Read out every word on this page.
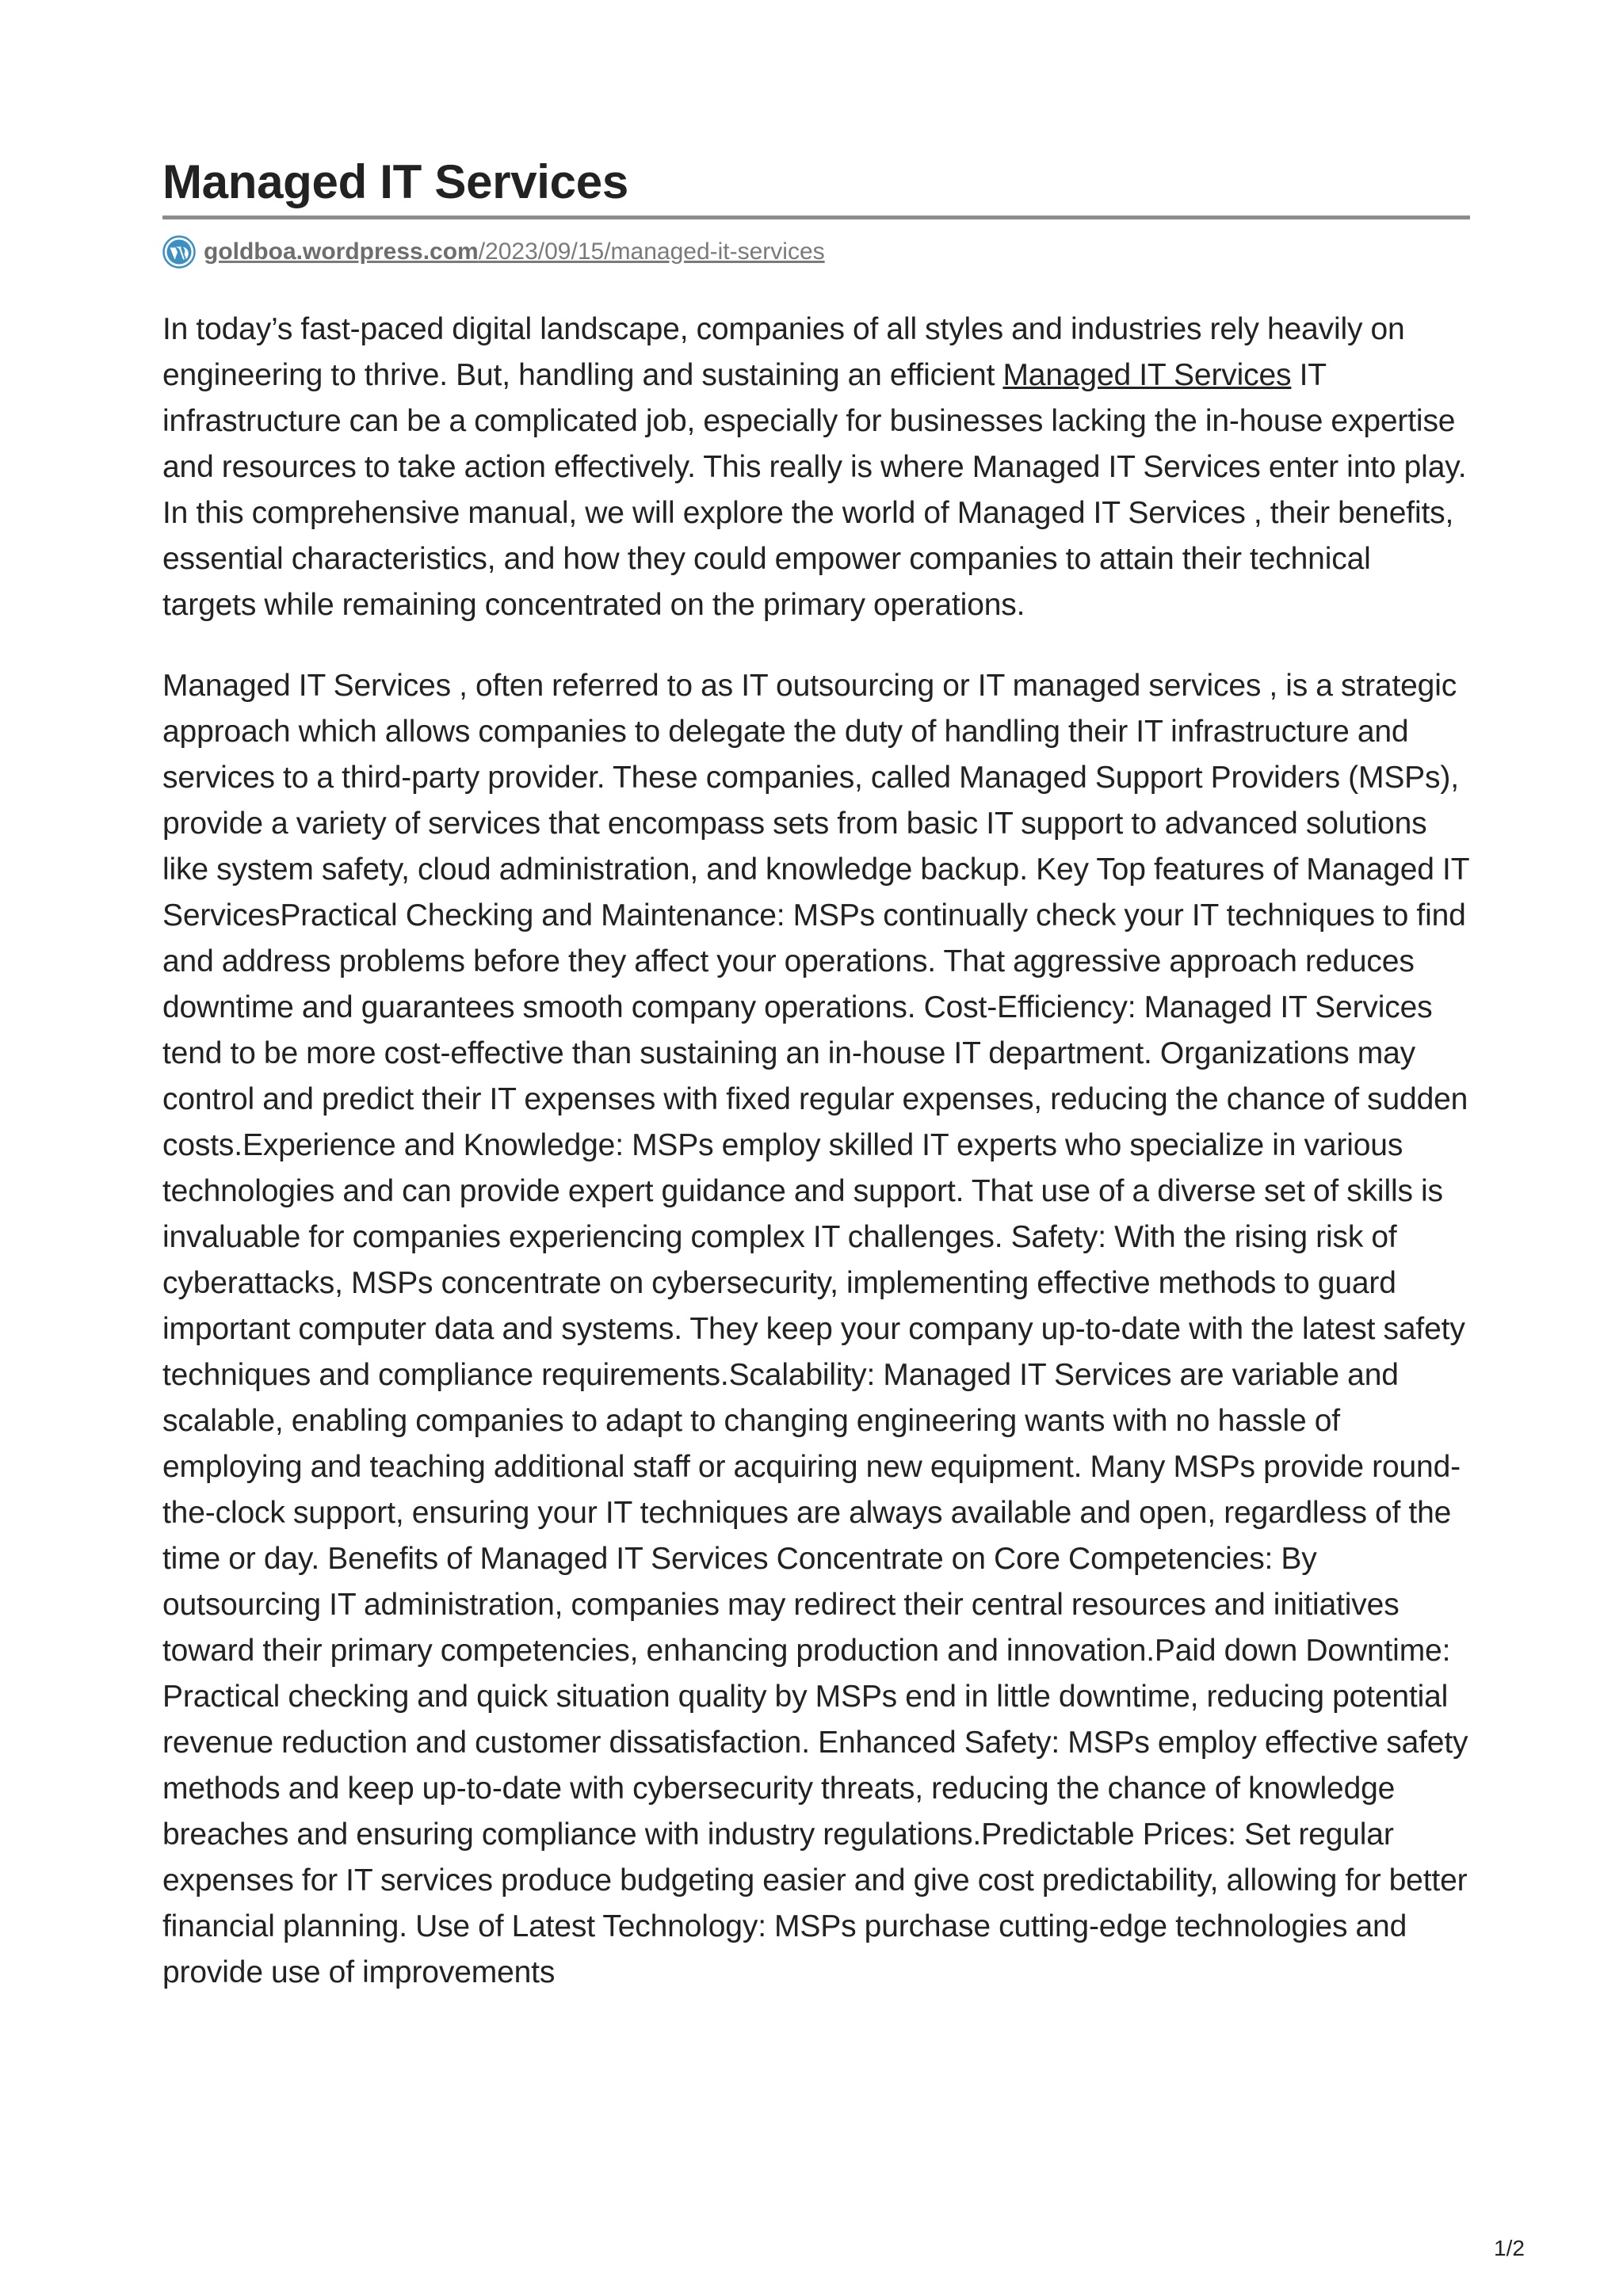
Managed IT Services
goldboa.wordpress.com/2023/09/15/managed-it-services

In today’s fast-paced digital landscape, companies of all styles and industries rely heavily on engineering to thrive. But, handling and sustaining an efficient Managed IT Services IT infrastructure can be a complicated job, especially for businesses lacking the in-house expertise and resources to take action effectively. This really is where Managed IT Services enter into play. In this comprehensive manual, we will explore the world of Managed IT Services , their benefits, essential characteristics, and how they could empower companies to attain their technical targets while remaining concentrated on the primary operations.

Managed IT Services , often referred to as IT outsourcing or IT managed services , is a strategic approach which allows companies to delegate the duty of handling their IT infrastructure and services to a third-party provider. These companies, called Managed Support Providers (MSPs), provide a variety of services that encompass sets from basic IT support to advanced solutions like system safety, cloud administration, and knowledge backup. Key Top features of Managed IT ServicesPractical Checking and Maintenance: MSPs continually check your IT techniques to find and address problems before they affect your operations. That aggressive approach reduces downtime and guarantees smooth company operations. Cost-Efficiency: Managed IT Services tend to be more cost-effective than sustaining an in-house IT department. Organizations may control and predict their IT expenses with fixed regular expenses, reducing the chance of sudden costs.Experience and Knowledge: MSPs employ skilled IT experts who specialize in various technologies and can provide expert guidance and support. That use of a diverse set of skills is invaluable for companies experiencing complex IT challenges. Safety: With the rising risk of cyberattacks, MSPs concentrate on cybersecurity, implementing effective methods to guard important computer data and systems. They keep your company up-to-date with the latest safety techniques and compliance requirements.Scalability: Managed IT Services are variable and scalable, enabling companies to adapt to changing engineering wants with no hassle of employing and teaching additional staff or acquiring new equipment. Many MSPs provide round-the-clock support, ensuring your IT techniques are always available and open, regardless of the time or day. Benefits of Managed IT Services Concentrate on Core Competencies: By outsourcing IT administration, companies may redirect their central resources and initiatives toward their primary competencies, enhancing production and innovation.Paid down Downtime: Practical checking and quick situation quality by MSPs end in little downtime, reducing potential revenue reduction and customer dissatisfaction. Enhanced Safety: MSPs employ effective safety methods and keep up-to-date with cybersecurity threats, reducing the chance of knowledge breaches and ensuring compliance with industry regulations.Predictable Prices: Set regular expenses for IT services produce budgeting easier and give cost predictability, allowing for better financial planning. Use of Latest Technology: MSPs purchase cutting-edge technologies and provide use of improvements

1/2
